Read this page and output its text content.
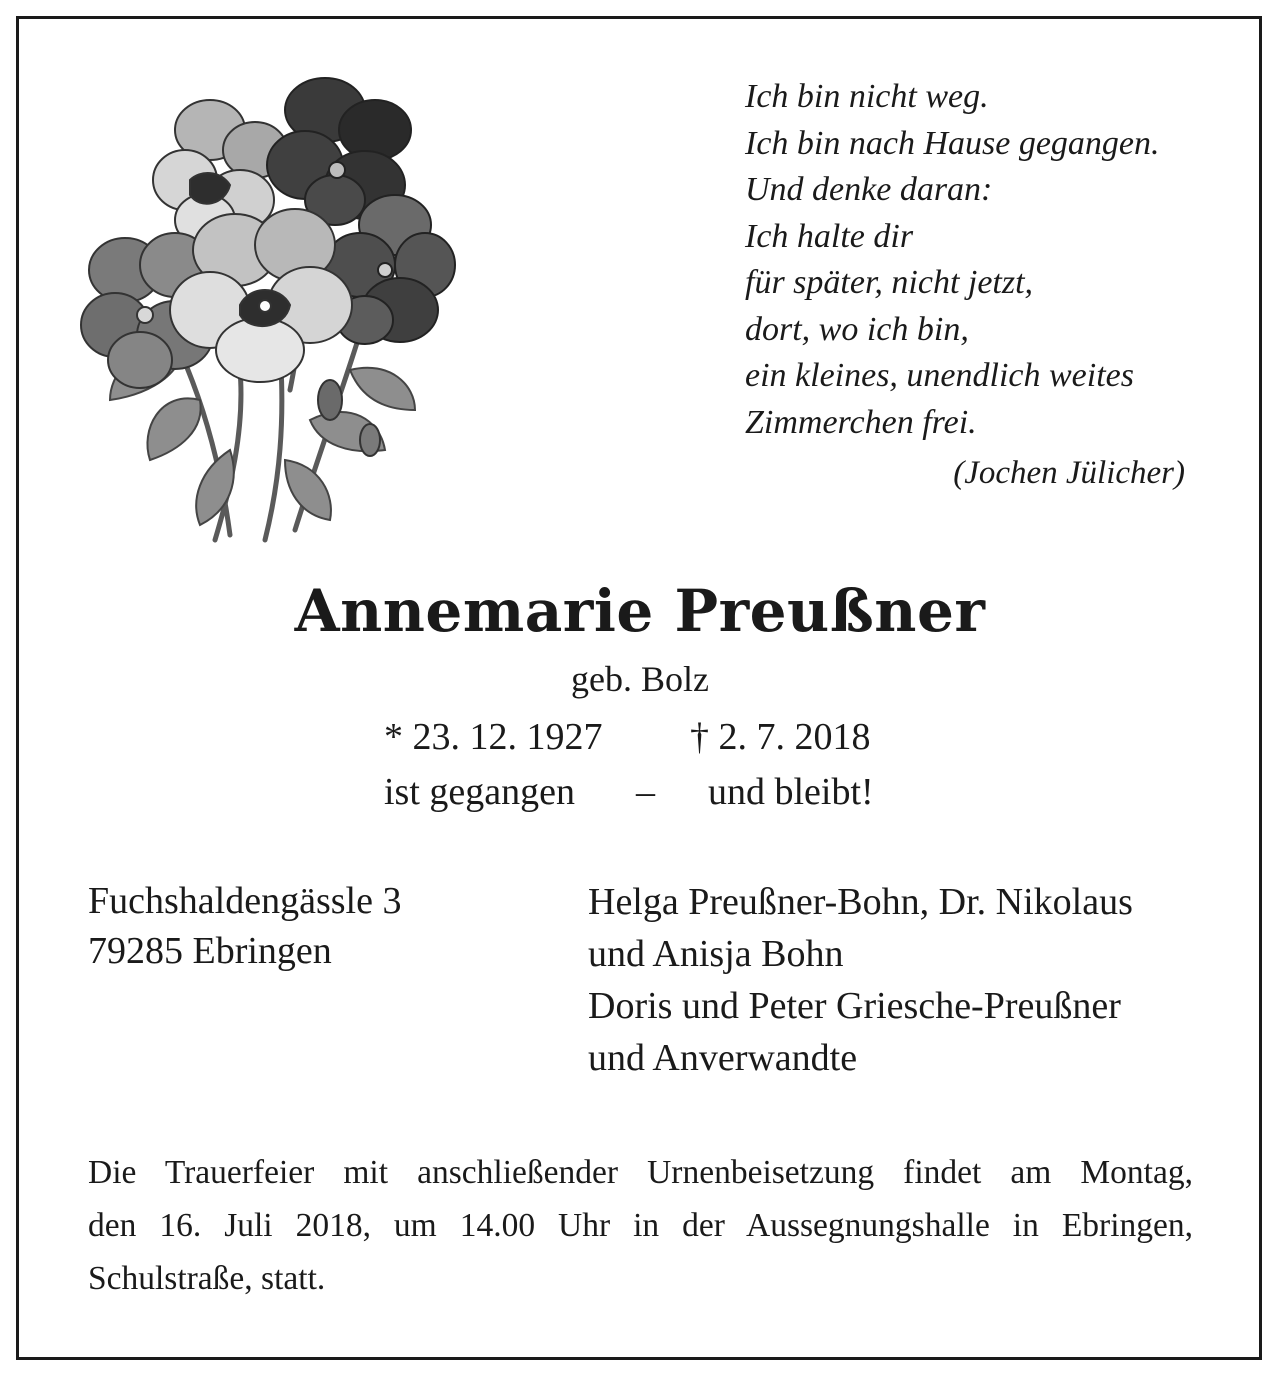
Ich bin nicht weg.
Ich bin nach Hause gegangen.
Und denke daran:
Ich halte dir
für später, nicht jetzt,
dort, wo ich bin,
ein kleines, unendlich weites
Zimmerchen frei.
(Jochen Jülicher)
Annemarie Preußner
geb. Bolz
* 23. 12. 1927 † 2. 7. 2018
ist gegangen – und bleibt!
Fuchshaldengässle 3
79285 Ebringen
Helga Preußner-Bohn, Dr. Nikolaus
und Anisja Bohn
Doris und Peter Griesche-Preußner
und Anverwandte
Die Trauerfeier mit anschließender Urnenbeisetzung findet am Montag,
den 16. Juli 2018, um 14.00 Uhr in der Aussegnungshalle in Ebringen,
Schulstraße, statt.
